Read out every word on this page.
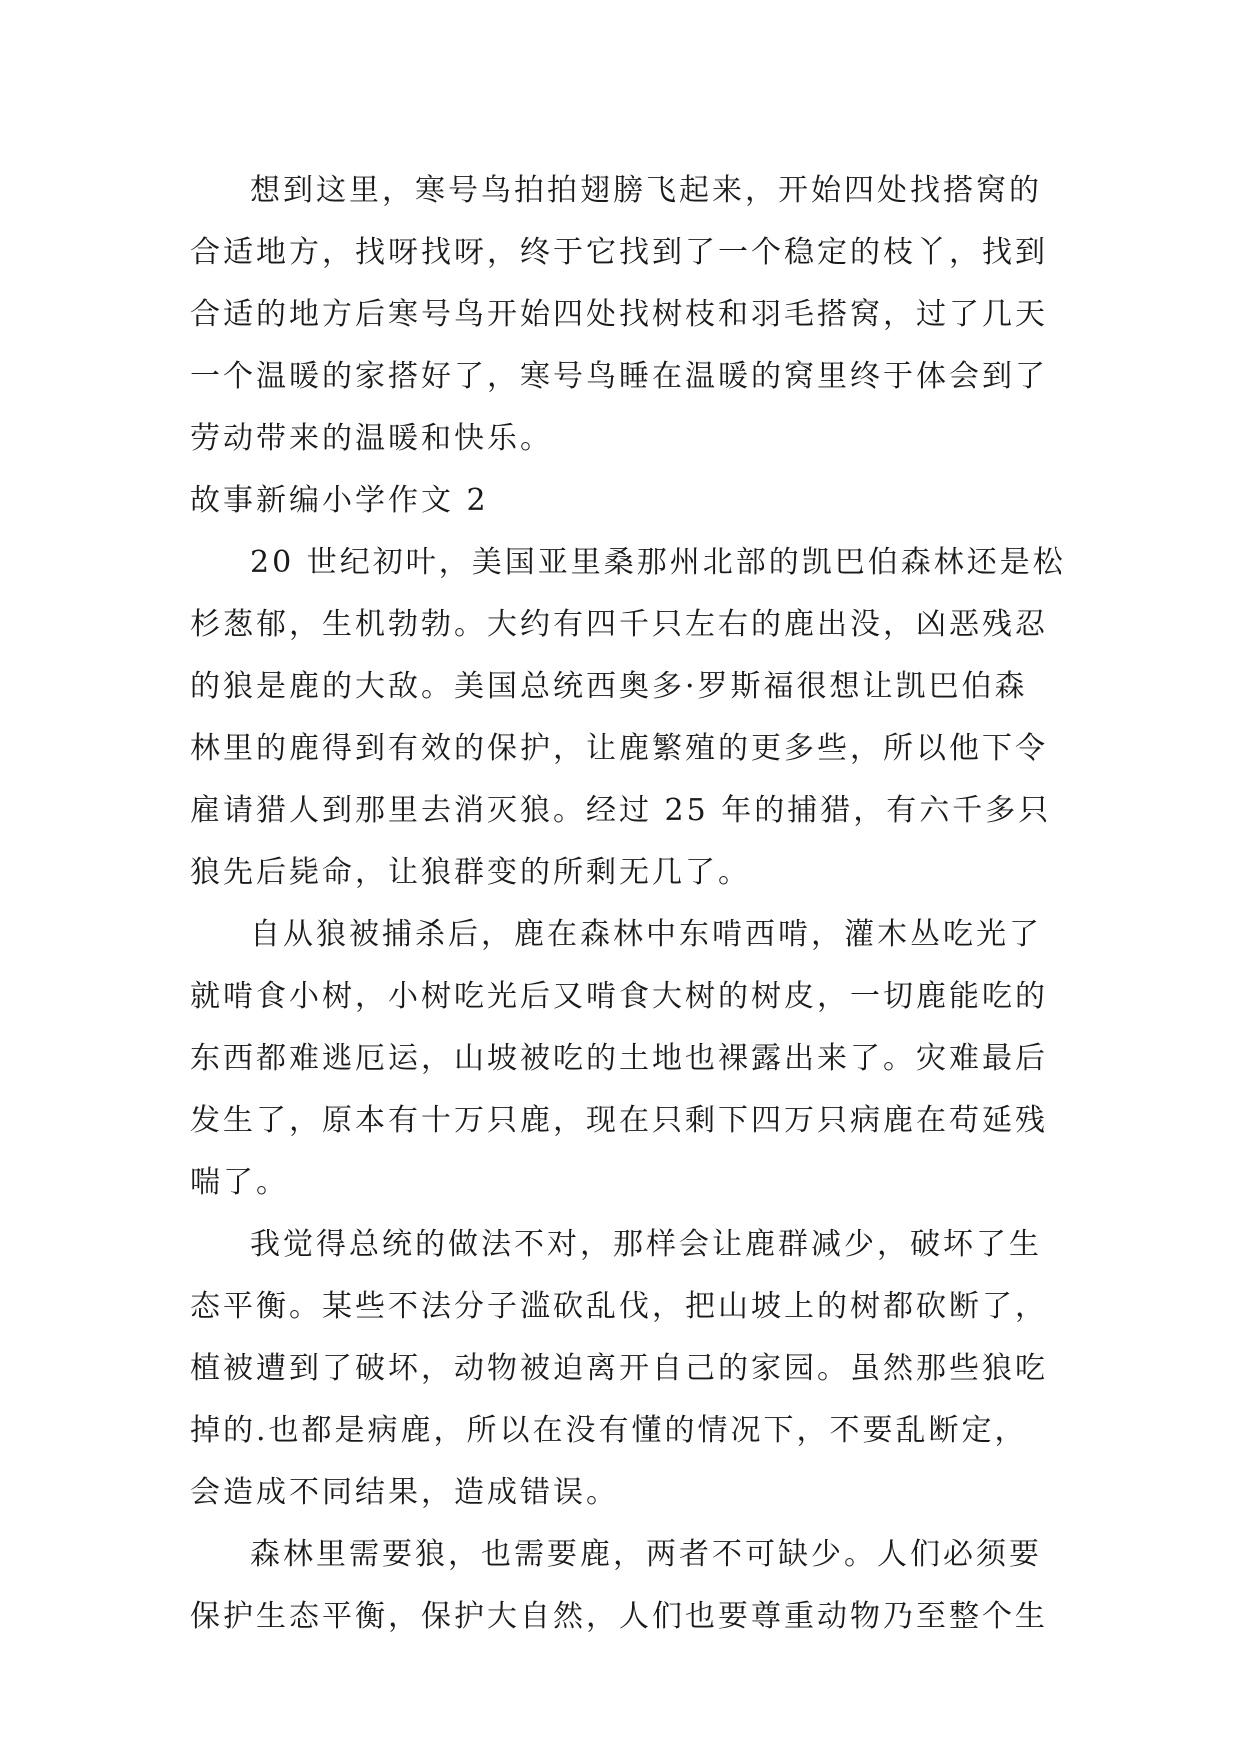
想到这里，寒号鸟拍拍翅膀飞起来，开始四处找搭窝的
合适地方，找呀找呀，终于它找到了一个稳定的枝丫，找到
合适的地方后寒号鸟开始四处找树枝和羽毛搭窝，过了几天
一个温暖的家搭好了，寒号鸟睡在温暖的窝里终于体会到了
劳动带来的温暖和快乐。

故事新编小学作文 2

20 世纪初叶，美国亚里桑那州北部的凯巴伯森林还是松
杉葱郁，生机勃勃。大约有四千只左右的鹿出没，凶恶残忍
的狼是鹿的大敌。美国总统西奥多·罗斯福很想让凯巴伯森
林里的鹿得到有效的保护，让鹿繁殖的更多些，所以他下令
雇请猎人到那里去消灭狼。经过 25 年的捕猎，有六千多只
狼先后毙命，让狼群变的所剩无几了。

自从狼被捕杀后，鹿在森林中东啃西啃，灌木丛吃光了
就啃食小树，小树吃光后又啃食大树的树皮，一切鹿能吃的
东西都难逃厄运，山坡被吃的土地也裸露出来了。灾难最后
发生了，原本有十万只鹿，现在只剩下四万只病鹿在苟延残
喘了。

我觉得总统的做法不对，那样会让鹿群减少，破坏了生
态平衡。某些不法分子滥砍乱伐，把山坡上的树都砍断了，
植被遭到了破坏，动物被迫离开自己的家园。虽然那些狼吃
掉的.也都是病鹿，所以在没有懂的情况下，不要乱断定，
会造成不同结果，造成错误。

森林里需要狼，也需要鹿，两者不可缺少。人们必须要
保护生态平衡，保护大自然，人们也要尊重动物乃至整个生
